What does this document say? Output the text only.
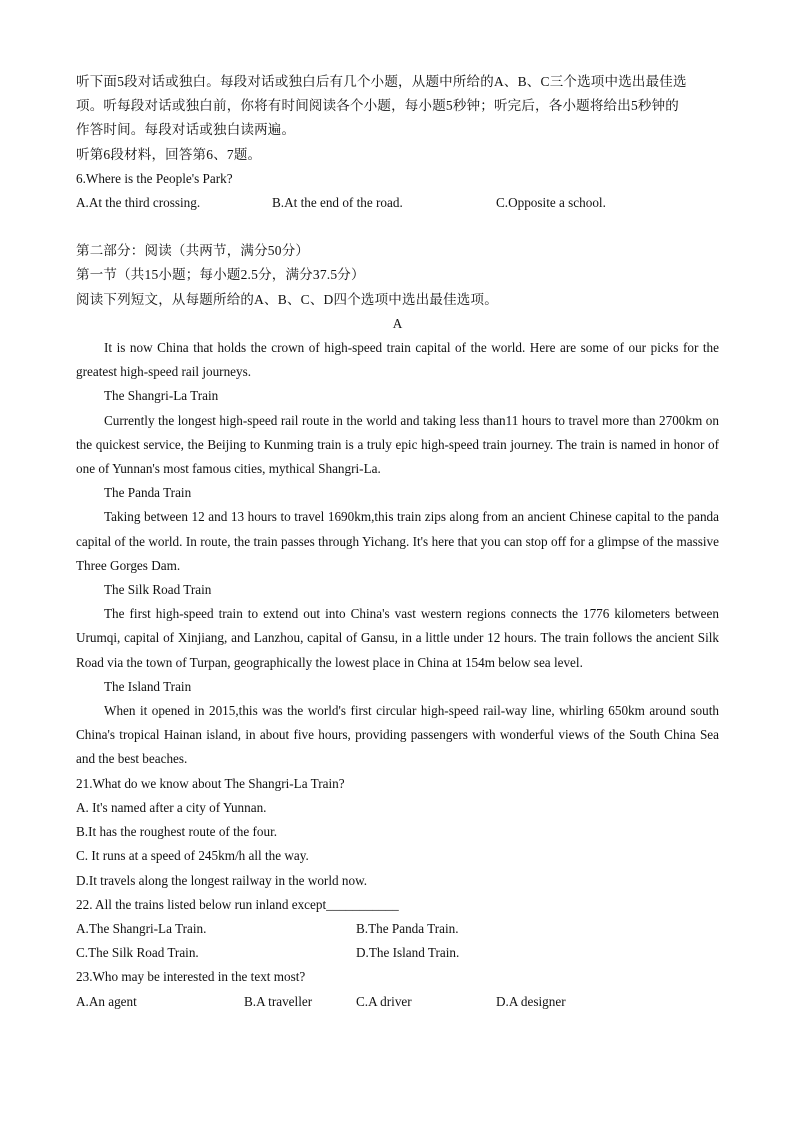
听下面5段对话或独白。每段对话或独白后有几个小题，从题中所给的A、B、C三个选项中选出最佳选

项。听每段对话或独白前，你将有时间阅读各个小题，每小题5秒钟；听完后，各小题将给出5秒钟的

作答时间。每段对话或独白读两遍。

听第6段材料，回答第6、7题。

6.Where is the People's Park?

A.At the third crossing.	B.At the end of the road.	C.Opposite a school.

第二部分：阅读（共两节，满分50分）

第一节（共15小题；每小题2.5分，满分37.5分）

阅读下列短文，从每题所给的A、B、C、D四个选项中选出最佳选项。

A

It is now China that holds the crown of high-speed train capital of the world. Here are some of our picks for the greatest high-speed rail journeys.

The Shangri-La Train

Currently the longest high-speed rail route in the world and taking less than11 hours to travel more than 2700km on the quickest service, the Beijing to Kunming train is a truly epic high-speed train journey. The train is named in honor of one of Yunnan's most famous cities, mythical Shangri-La.

The Panda Train

Taking between 12 and 13 hours to travel 1690km,this train zips along from an ancient Chinese capital to the panda capital of the world. In route, the train passes through Yichang. It's here that you can stop off for a glimpse of the massive Three Gorges Dam.

The Silk Road Train

The first high-speed train to extend out into China's vast western regions connects the 1776 kilometers between Urumqi, capital of Xinjiang, and Lanzhou, capital of Gansu, in a little under 12 hours. The train follows the ancient Silk Road via the town of Turpan, geographically the lowest place in China at 154m below sea level.

The Island Train

When it opened in 2015,this was the world's first circular high-speed rail-way line, whirling 650km around south China's tropical Hainan island, in about five hours, providing passengers with wonderful views of the South China Sea and the best beaches.

21.What do we know about The Shangri-La Train?

A. It's named after a city of Yunnan.

B.It has the roughest route of the four.

C. It runs at a speed of 245km/h all the way.

D.It travels along the longest railway in the world now.

22. All the trains listed below run inland except___________

A.The Shangri-La Train.	B.The Panda Train.
C.The Silk Road Train.	D.The Island Train.

23.Who may be interested in the text most?

A.An agent	B.A traveller	C.A driver	D.A designer
